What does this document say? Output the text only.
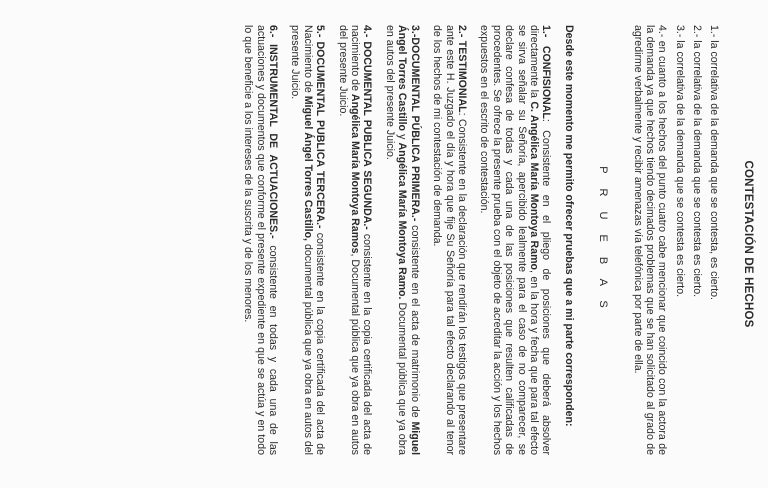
CONTESTACIÓN DE HECHOS
1.- la correlativa de la demanda que se contesta, es cierto.
2.- la correlativa de la demanda que se contesta es cierto.
3.- la correlativa de la demanda que se contesta es cierto.
4.- en cuanto a los hechos del punto cuatro cabe mencionar que coincido con la actora de la demanda ya que hechos tiendo decimados problemas que se han solicitado al grado de agredirme verbalmente y recibir amenazas vía telefónica por parte de ella.
P R U E B A S

Desde este momento me permito ofrecer pruebas que a mi parte corresponden:

1.- CONFISIONAL: Consistente en el pliego de posiciones que deberá absolver directamente la C. Angélica María Montoya Ramo, en la hora y fecha que para tal efecto se sirva señalar su Señoría, apercibido lealmente para el caso de no comparecer, se declare confesa de todas y cada una de las posiciones que resulten calificadas de procedentes. Se ofrece la presente prueba con el objeto de acreditar la acción y los hechos expuestos en el escrito de contestación.

2.- TESTIMONIAL: Consistente en la declaración que rendirán los testigos que presentare ante este H. Juzgado el día y hora que fije Su Señoría para tal efecto declarando al tenor de los hechos de mi contestación de demanda.

3.-DOCUMENTAL PÚBLICA PRIMERA.- consistente en el acta de matrimonio de Miguel Ángel Torres Castillo y Angélica María Montoya Ramo. Documental pública que ya obra en autos del presente Juicio.

4.- DOCUMENTAL PUBLICA SEGUNDA.- consistente en la copia certificada del acta de nacimiento de Angélica María Montoya Ramos, Documental pública que ya obra en autos del presente Juicio.

5.- DOCUMENTAL PUBLICA TERCERA.- consistente en la copia certificada del acta de Nacimiento de Miguel Ángel Torres Castillo, documental pública que ya obra en autos del presente Juicio.

6.- INSTRUMENTAL DE ACTUACIONES.- consistente en todas y cada una de las actuaciones y documentos que conforme el presente expediente en que se actúa y en todo lo que beneficie a los intereses de la suscrita y de los menores.
